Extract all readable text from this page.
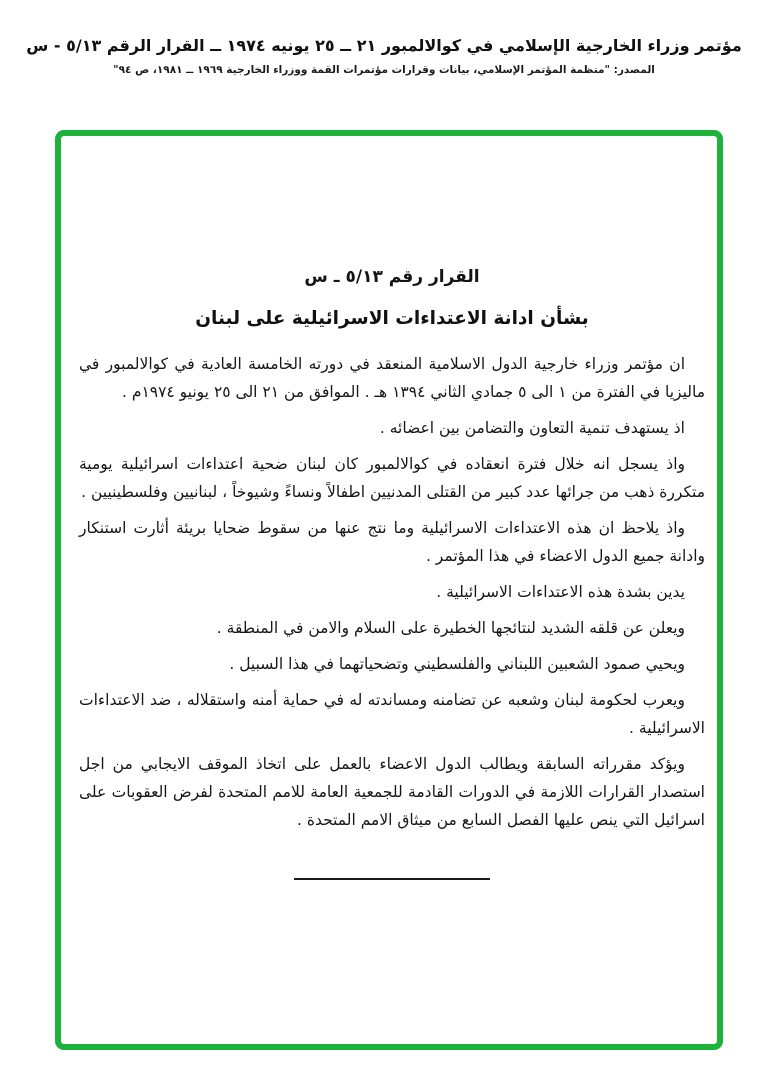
مؤتمر وزراء الخارجية الإسلامي في كوالالمبور ٢١ ــ ٢٥ يونيه ١٩٧٤ ــ القرار الرقم ٥/١٣ - س
المصدر: "منظمة المؤتمر الإسلامي، بيانات وقرارات مؤتمرات القمة ووزراء الخارجية ١٩٦٩ ــ ١٩٨١، ص ٩٤"
القرار رقم ٥/١٣ ـ س
بشأن ادانة الاعتداءات الاسرائيلية على لبنان

ان مؤتمر وزراء خارجية الدول الاسلامية المنعقد في دورته الخامسة العادية في كوالالمبور في ماليزيا في الفترة من ١ الى ٥ جمادي الثاني ١٣٩٤ هـ . الموافق من ٢١ الى ٢٥ يونيو ١٩٧٤م .

اذ يستهدف تنمية التعاون والتضامن بين اعضائه .

واذ يسجل انه خلال فترة انعقاده في كوالالمبور كان لبنان ضحية اعتداءات اسرائيلية يومية متكررة ذهب من جرائها عدد كبير من القتلى المدنيين اطفالاً ونساءً وشيوخاً ، لبنانيين وفلسطينيين .

واذ يلاحظ ان هذه الاعتداءات الاسرائيلية وما نتج عنها من سقوط ضحايا بريئة أثارت استنكار وادانة جميع الدول الاعضاء في هذا المؤتمر .

يدين بشدة هذه الاعتداءات الاسرائيلية .

ويعلن عن قلقه الشديد لنتائجها الخطيرة على السلام والامن في المنطقة .

ويحيي صمود الشعبين اللبناني والفلسطيني وتضحياتهما في هذا السبيل .

ويعرب لحكومة لبنان وشعبه عن تضامنه ومساندته له في حماية أمنه واستقلاله ، ضد الاعتداءات الاسرائيلية .

ويؤكد مقرراته السابقة ويطالب الدول الاعضاء بالعمل على اتخاذ الموقف الايجابي من اجل استصدار القرارات اللازمة في الدورات القادمة للجمعية العامة للامم المتحدة لفرض العقوبات على اسرائيل التي ينص عليها الفصل السابع من ميثاق الامم المتحدة .
